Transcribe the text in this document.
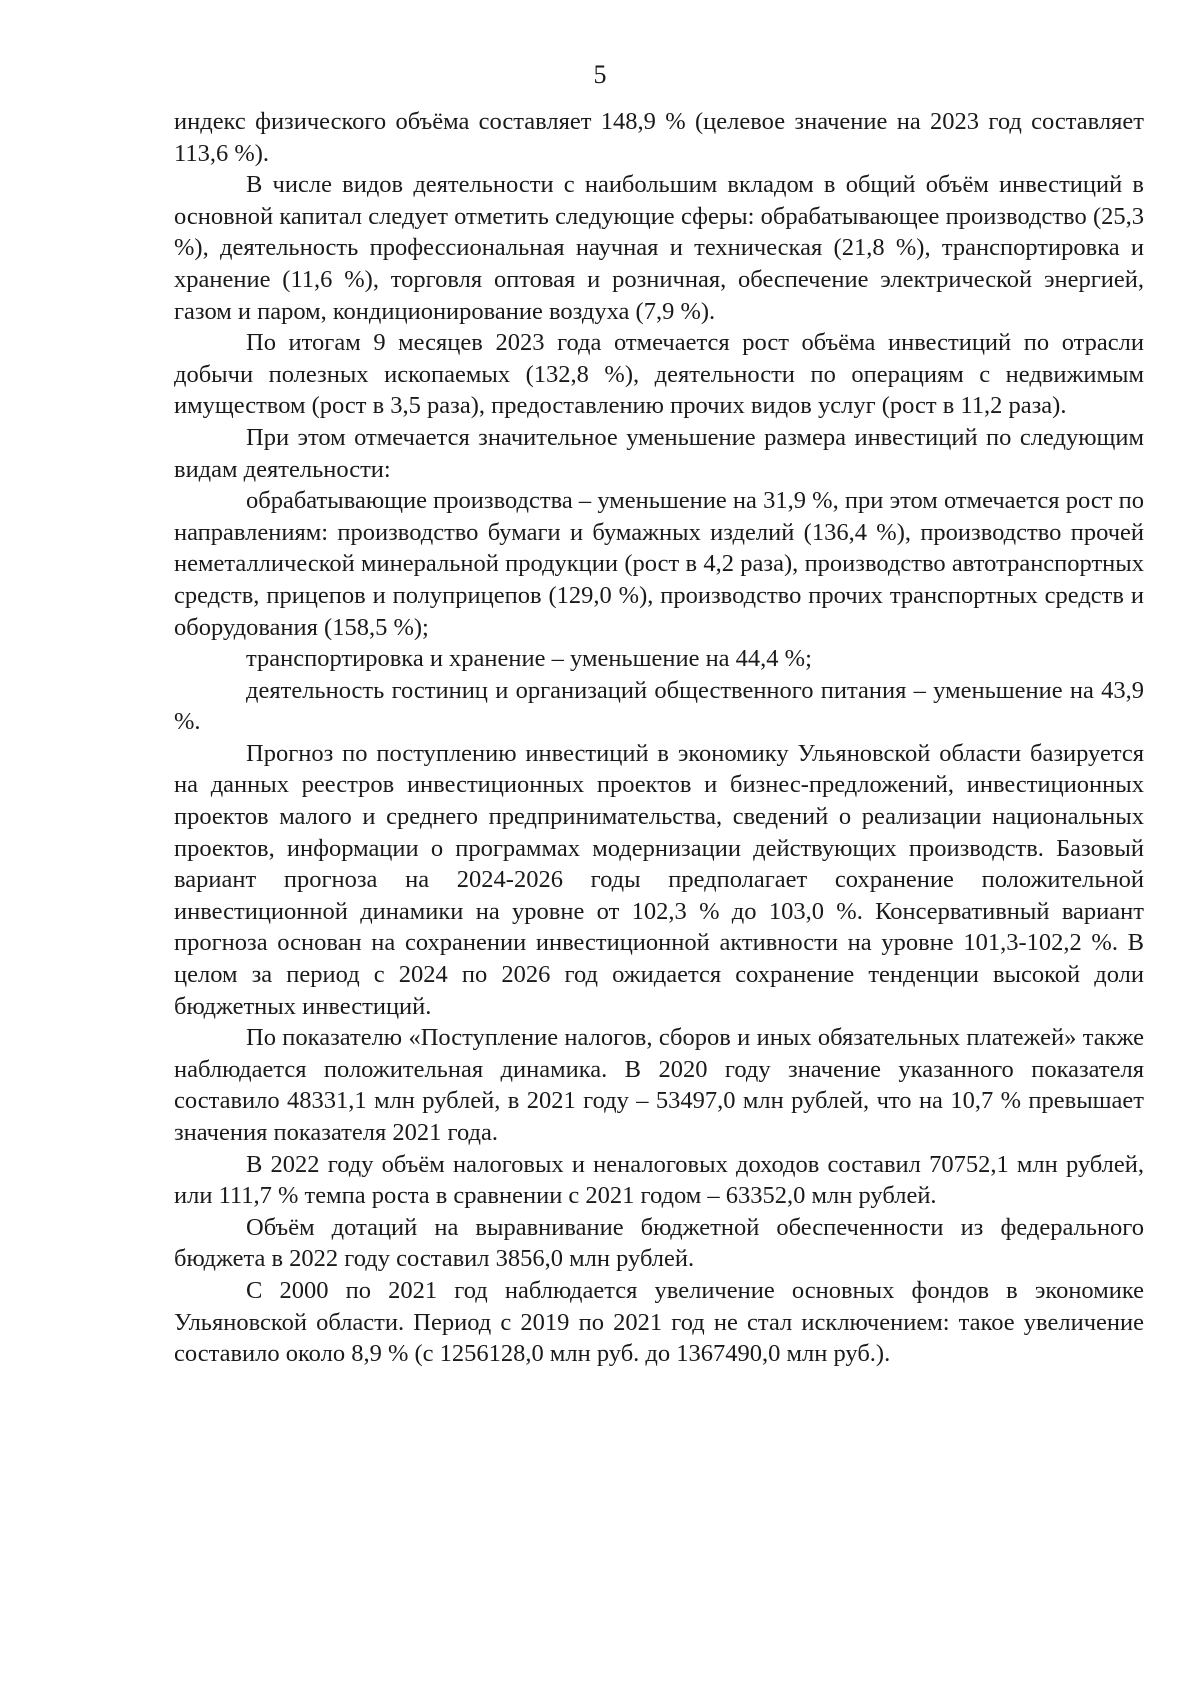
5

индекс физического объёма составляет 148,9 % (целевое значение на 2023 год составляет 113,6 %).

В числе видов деятельности с наибольшим вкладом в общий объём инвестиций в основной капитал следует отметить следующие сферы: обрабатывающее производство (25,3 %), деятельность профессиональная научная и техническая (21,8 %), транспортировка и хранение (11,6 %), торговля оптовая и розничная, обеспечение электрической энергией, газом и паром, кондиционирование воздуха (7,9 %).

По итогам 9 месяцев 2023 года отмечается рост объёма инвестиций по отрасли добычи полезных ископаемых (132,8 %), деятельности по операциям с недвижимым имуществом (рост в 3,5 раза), предоставлению прочих видов услуг (рост в 11,2 раза).

При этом отмечается значительное уменьшение размера инвестиций по следующим видам деятельности:

обрабатывающие производства – уменьшение на 31,9 %, при этом отмечается рост по направлениям: производство бумаги и бумажных изделий (136,4 %), производство прочей неметаллической минеральной продукции (рост в 4,2 раза), производство автотранспортных средств, прицепов и полуприцепов (129,0 %), производство прочих транспортных средств и оборудования (158,5 %);

транспортировка и хранение – уменьшение на 44,4 %;

деятельность гостиниц и организаций общественного питания – уменьшение на 43,9 %.

Прогноз по поступлению инвестиций в экономику Ульяновской области базируется на данных реестров инвестиционных проектов и бизнес-предложений, инвестиционных проектов малого и среднего предпринимательства, сведений о реализации национальных проектов, информации о программах модернизации действующих производств. Базовый вариант прогноза на 2024-2026 годы предполагает сохранение положительной инвестиционной динамики на уровне от 102,3 % до 103,0 %. Консервативный вариант прогноза основан на сохранении инвестиционной активности на уровне 101,3-102,2 %. В целом за период с 2024 по 2026 год ожидается сохранение тенденции высокой доли бюджетных инвестиций.

По показателю «Поступление налогов, сборов и иных обязательных платежей» также наблюдается положительная динамика. В 2020 году значение указанного показателя составило 48331,1 млн рублей, в 2021 году – 53497,0 млн рублей, что на 10,7 % превышает значения показателя 2021 года.

В 2022 году объём налоговых и неналоговых доходов составил 70752,1 млн рублей, или 111,7 % темпа роста в сравнении с 2021 годом – 63352,0 млн рублей.

Объём дотаций на выравнивание бюджетной обеспеченности из федерального бюджета в 2022 году составил 3856,0 млн рублей.

С 2000 по 2021 год наблюдается увеличение основных фондов в экономике Ульяновской области. Период с 2019 по 2021 год не стал исключением: такое увеличение составило около 8,9 % (с 1256128,0 млн руб. до 1367490,0 млн руб.).
